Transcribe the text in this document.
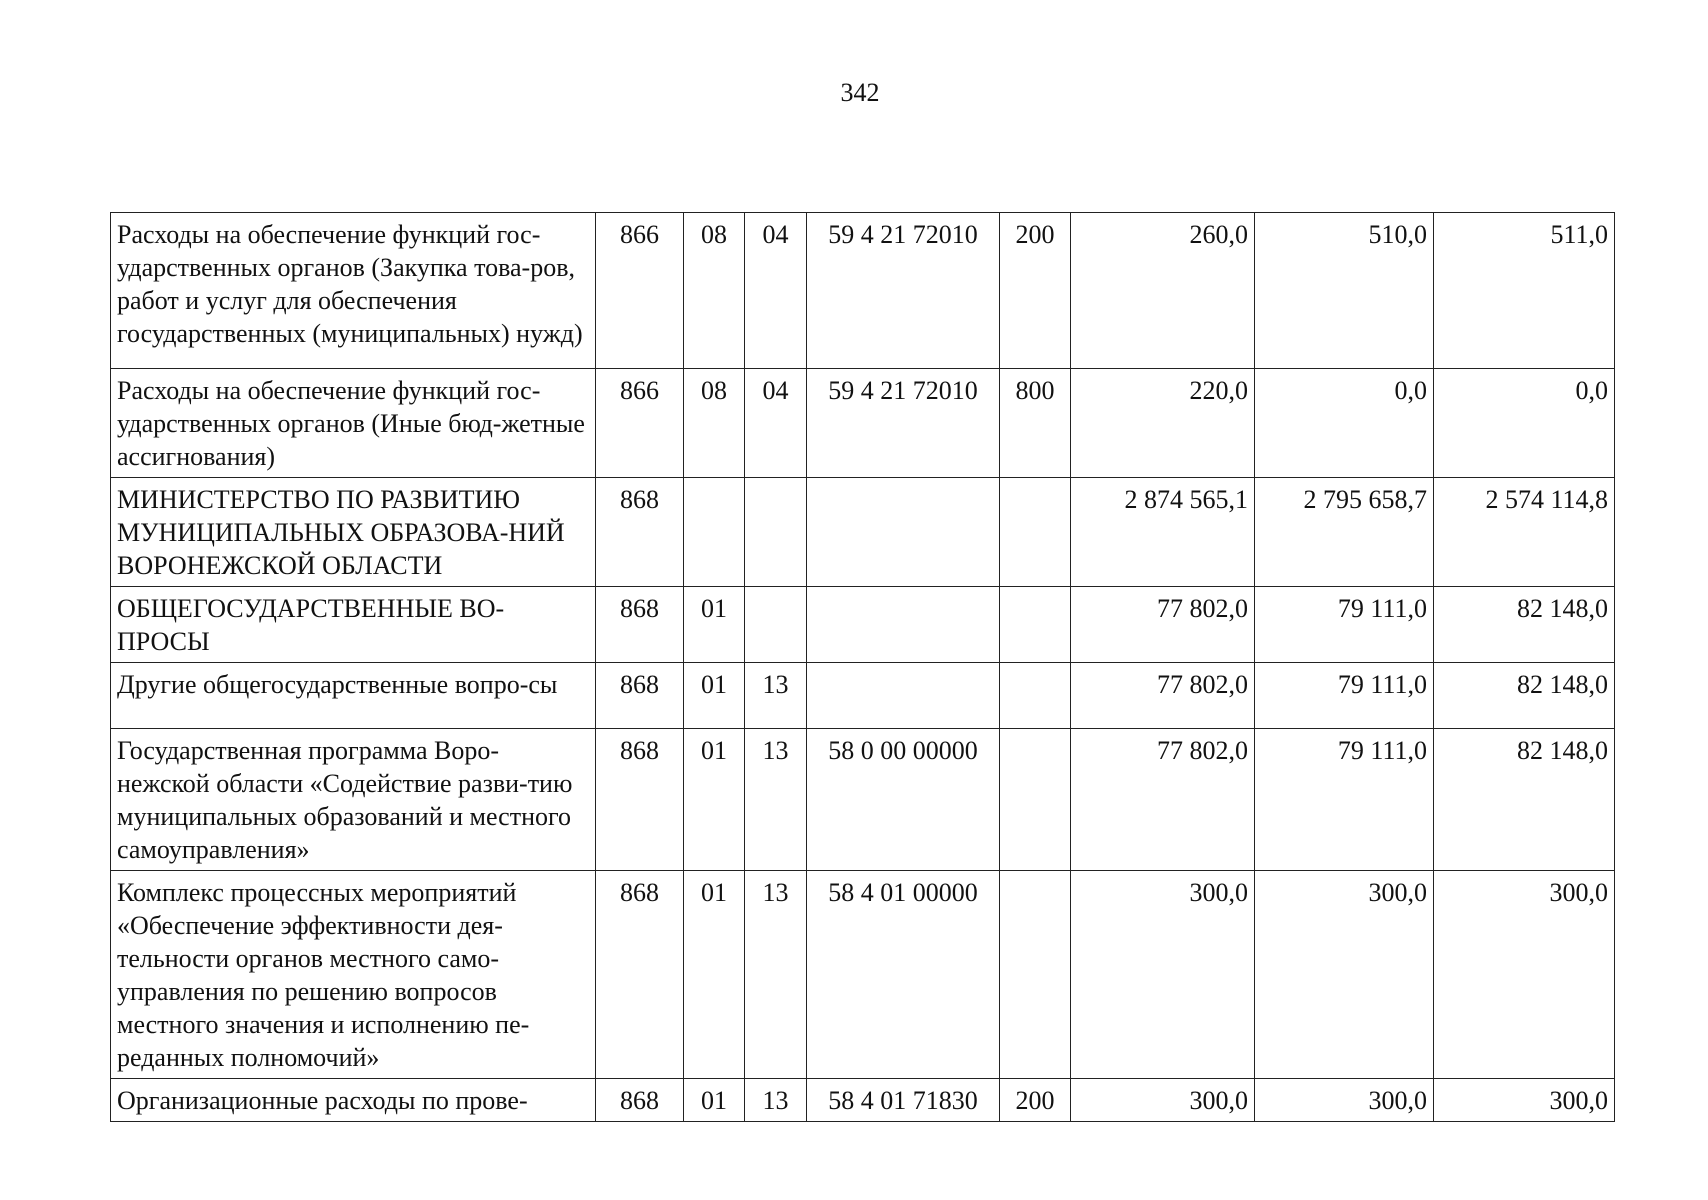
342
Расходы на обеспечение функций гос-ударственных органов (Закупка това-ров, работ и услуг для обеспечения государственных (муниципальных) нужд)	866	08	04	59 4 21 72010	200	260,0	510,0	511,0
Расходы на обеспечение функций гос-ударственных органов (Иные бюд-жетные ассигнования)	866	08	04	59 4 21 72010	800	220,0	0,0	0,0
МИНИСТЕРСТВО ПО РАЗВИТИЮ МУНИЦИПАЛЬНЫХ ОБРАЗОВА-НИЙ ВОРОНЕЖСКОЙ ОБЛАСТИ	868					2 874 565,1	2 795 658,7	2 574 114,8
ОБЩЕГОСУДАРСТВЕННЫЕ ВО-ПРОСЫ	868	01				77 802,0	79 111,0	82 148,0
Другие общегосударственные вопро-сы	868	01	13			77 802,0	79 111,0	82 148,0
Государственная программа Воро-нежской области «Содействие разви-тию муниципальных образований и местного самоуправления»	868	01	13	58 0 00 00000		77 802,0	79 111,0	82 148,0
Комплекс процессных мероприятий «Обеспечение эффективности дея-тельности органов местного само-управления по решению вопросов местного значения и исполнению пе-реданных полномочий»	868	01	13	58 4 01 00000		300,0	300,0	300,0
Организационные расходы по прове-	868	01	13	58 4 01 71830	200	300,0	300,0	300,0
